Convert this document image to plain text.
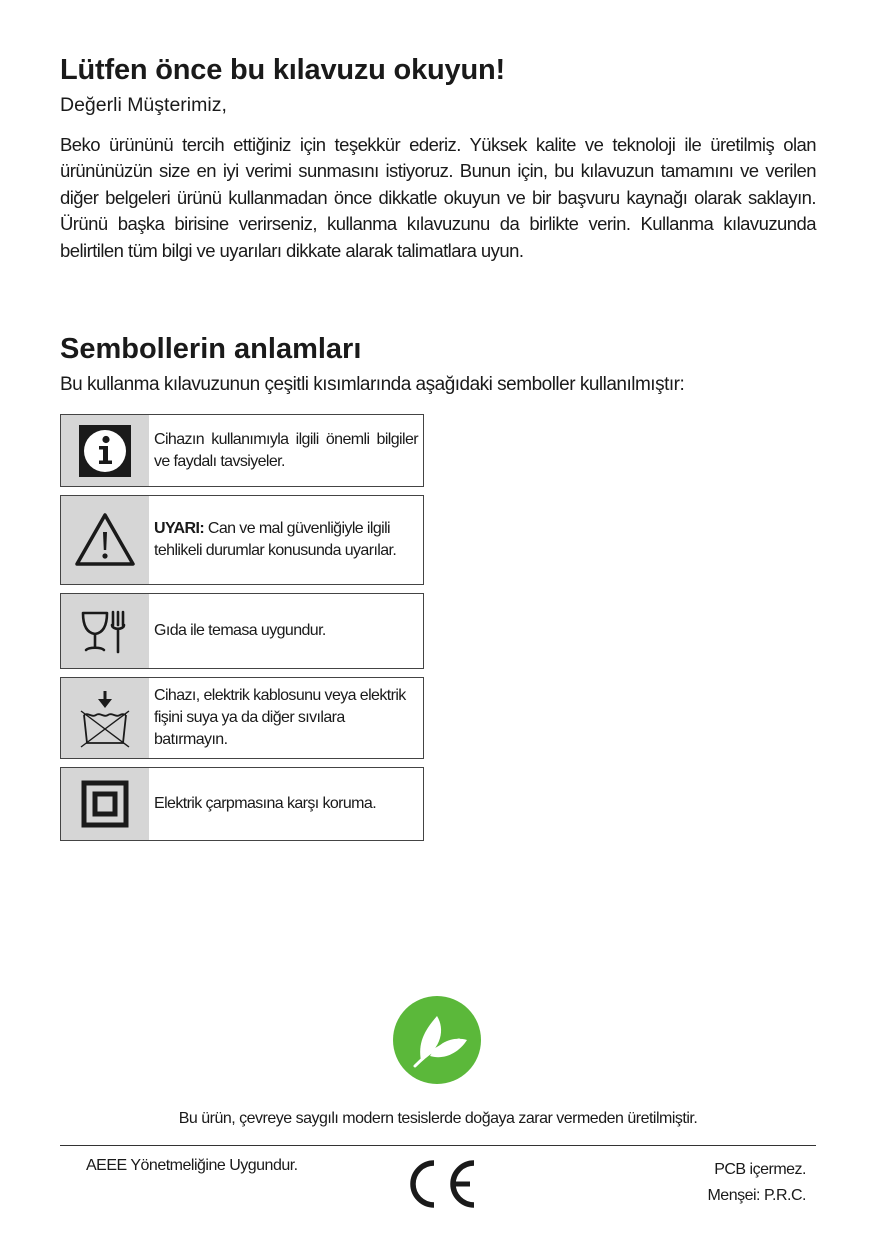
Lütfen önce bu kılavuzu okuyun!

Değerli Müşterimiz,

Beko ürününü tercih ettiğiniz için teşekkür ederiz. Yüksek kalite ve teknoloji ile üretilmiş olan ürününüzün size en iyi verimi sunmasını istiyoruz. Bunun için, bu kılavuzun tamamını ve verilen diğer belgeleri ürünü kullanmadan önce dikkatle okuyun ve bir başvuru kaynağı olarak saklayın. Ürünü başka birisine verirseniz, kullanma kılavuzunu da birlikte verin. Kullanma kılavuzunda belirtilen tüm bilgi ve uyarıları dikkate alarak talimatlara uyun.

Sembollerin anlamları

Bu kullanma kılavuzunun çeşitli kısımlarında aşağıdaki semboller kullanılmıştır:

Cihazın kullanımıyla ilgili önemli bilgiler ve faydalı tavsiyeler.
UYARI: Can ve mal güvenliğiyle ilgili tehlikeli durumlar konusunda uyarılar.
Gıda ile temasa uygundur.
Cihazı, elektrik kablosunu veya elektrik fişini suya ya da diğer sıvılara batırmayın.
Elektrik çarpmasına karşı koruma.

Bu ürün, çevreye saygılı modern tesislerde doğaya zarar vermeden üretilmiştir.

AEEE Yönetmeliğine Uygundur.	PCB içermez.
Menşei: P.R.C.
